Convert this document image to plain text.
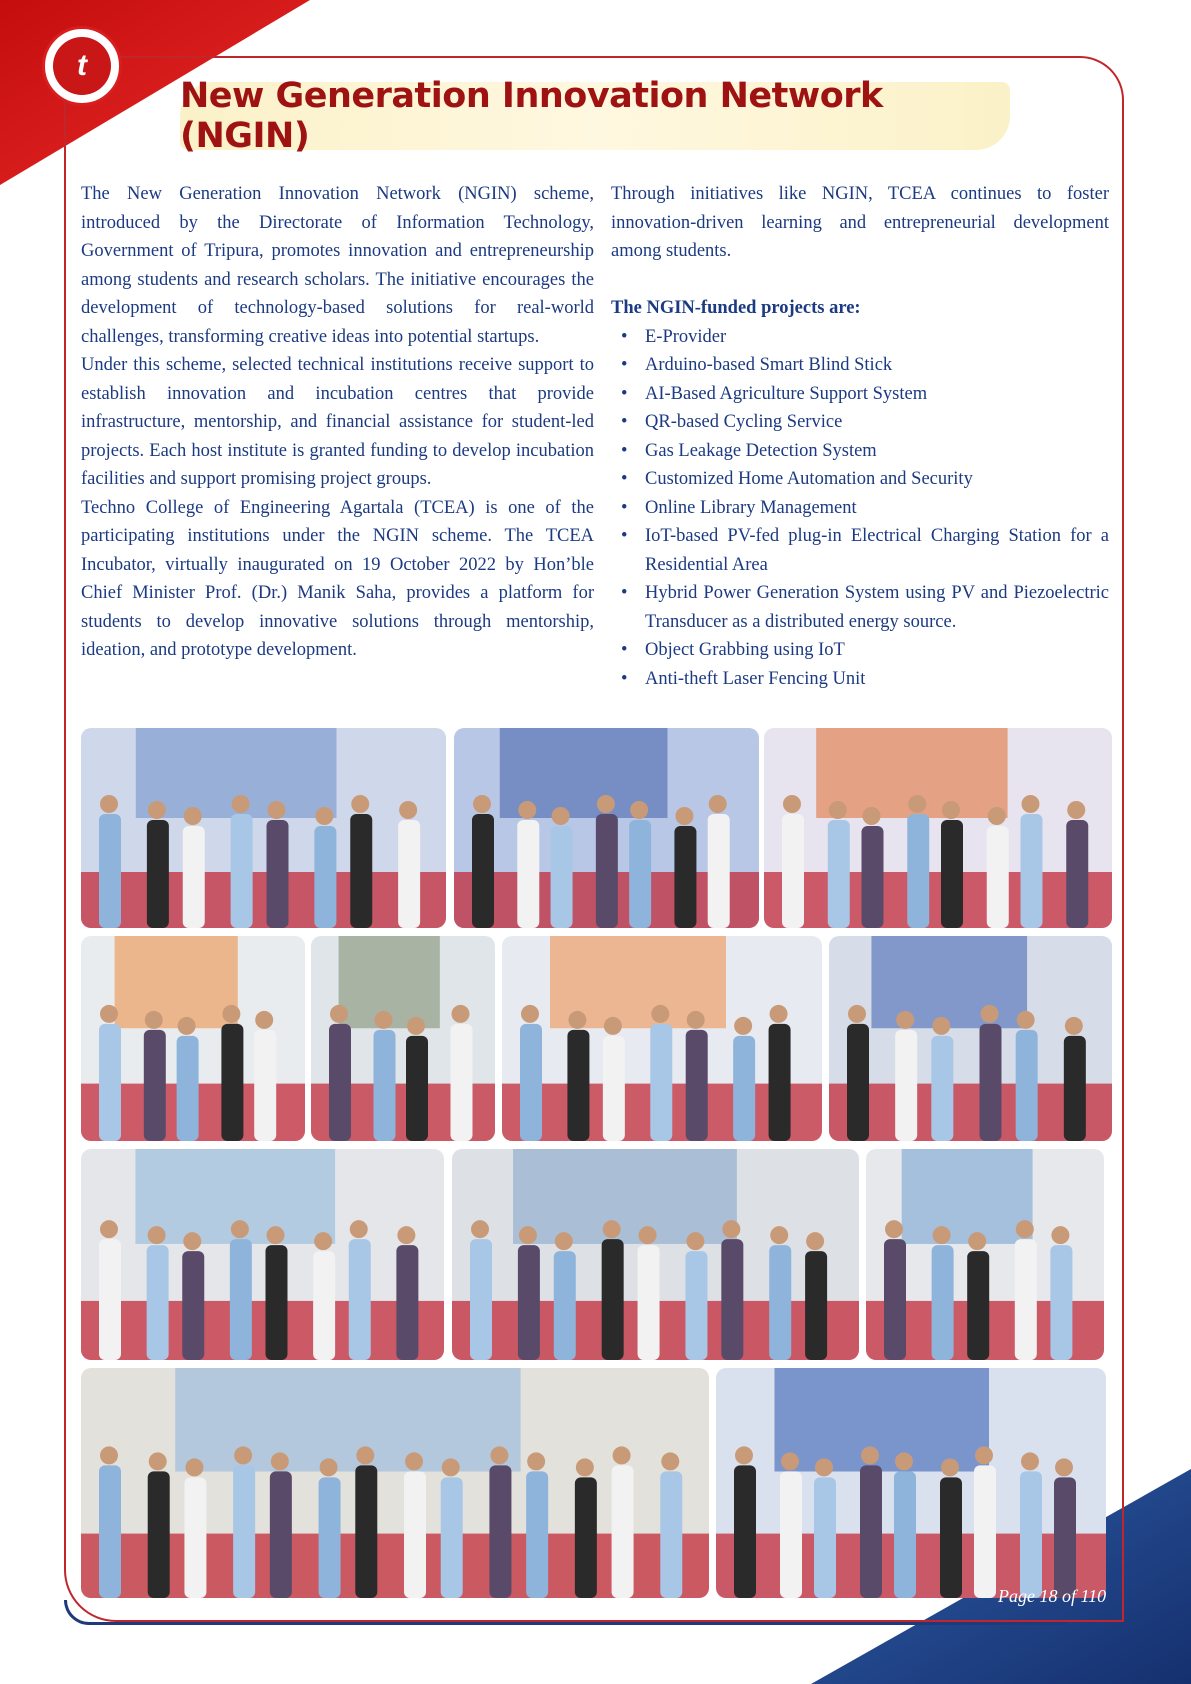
t
New Generation Innovation Network (NGIN)

The New Generation Innovation Network (NGIN) scheme, introduced by the Directorate of Information Technology, Government of Tripura, promotes innovation and entrepreneurship among students and research scholars. The initiative encourages the development of technology-based solutions for real-world challenges, transforming creative ideas into potential startups.

Under this scheme, selected technical institutions receive support to establish innovation and incubation centres that provide infrastructure, mentorship, and financial assistance for student-led projects. Each host institute is granted funding to develop incubation facilities and support promising project groups.

Techno College of Engineering Agartala (TCEA) is one of the participating institutions under the NGIN scheme. The TCEA Incubator, virtually inaugurated on 19 October 2022 by Hon’ble Chief Minister Prof. (Dr.) Manik Saha, provides a platform for students to develop innovative solutions through mentorship, ideation, and prototype development.

Through initiatives like NGIN, TCEA continues to foster innovation-driven learning and entrepreneurial development among students.

The NGIN-funded projects are:

• E-Provider
• Arduino-based Smart Blind Stick
• AI-Based Agriculture Support System
• QR-based Cycling Service
• Gas Leakage Detection System
• Customized Home Automation and Security
• Online Library Management
• IoT-based PV-fed plug-in Electrical Charging Station for a Residential Area
• Hybrid Power Generation System using PV and Piezoelectric Transducer as a distributed energy source.
• Object Grabbing using IoT
• Anti-theft Laser Fencing Unit
Page 18 of 110
